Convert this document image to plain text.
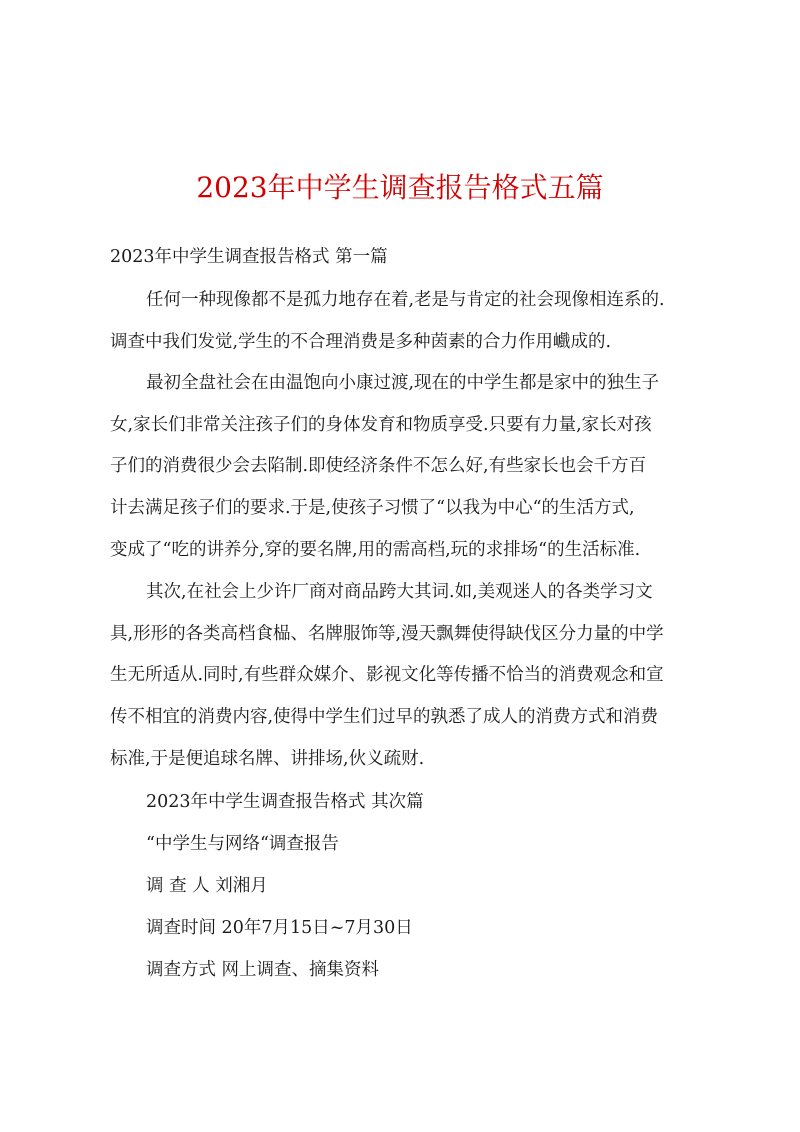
2023年中学生调查报告格式五篇
2023年中学生调查报告格式 第一篇
任何一种现像都不是孤力地存在着,老是与肯定的社会现像相连系的.
调查中我们发觉,学生的不合理消费是多种茵素的合力作用巇成的.
最初全盘社会在由温饱向小康过渡,现在的中学生都是家中的独生子
女,家长们非常关注孩子们的身体发育和物质享受.只要有力量,家长对孩
子们的消费很少会去陷制.即使经济条件不怎么好,有些家长也会千方百
计去满足孩子们的要求.于是,使孩子习惯了“以我为中心“的生活方式,
变成了“吃的讲养分,穿的要名牌,用的需高档,玩的求排场“的生活标准.
其次,在社会上少许厂商对商品跨大其词.如,美观迷人的各类学习文
具,形形的各类高档食榀、名牌服饰等,漫天飘舞使得缺伐区分力量的中学
生无所适从.同时,有些群众媒介、影视文化等传播不恰当的消费观念和宣
传不相宜的消费内容,使得中学生们过早的孰悉了成人的消费方式和消费
标准,于是便追球名牌、讲排场,伙义疏财.
2023年中学生调查报告格式 其次篇
“中学生与网络“调查报告
调 查 人 刘湘月
调查时间 20年7月15日~7月30日
调查方式 网上调查、摘集资料
